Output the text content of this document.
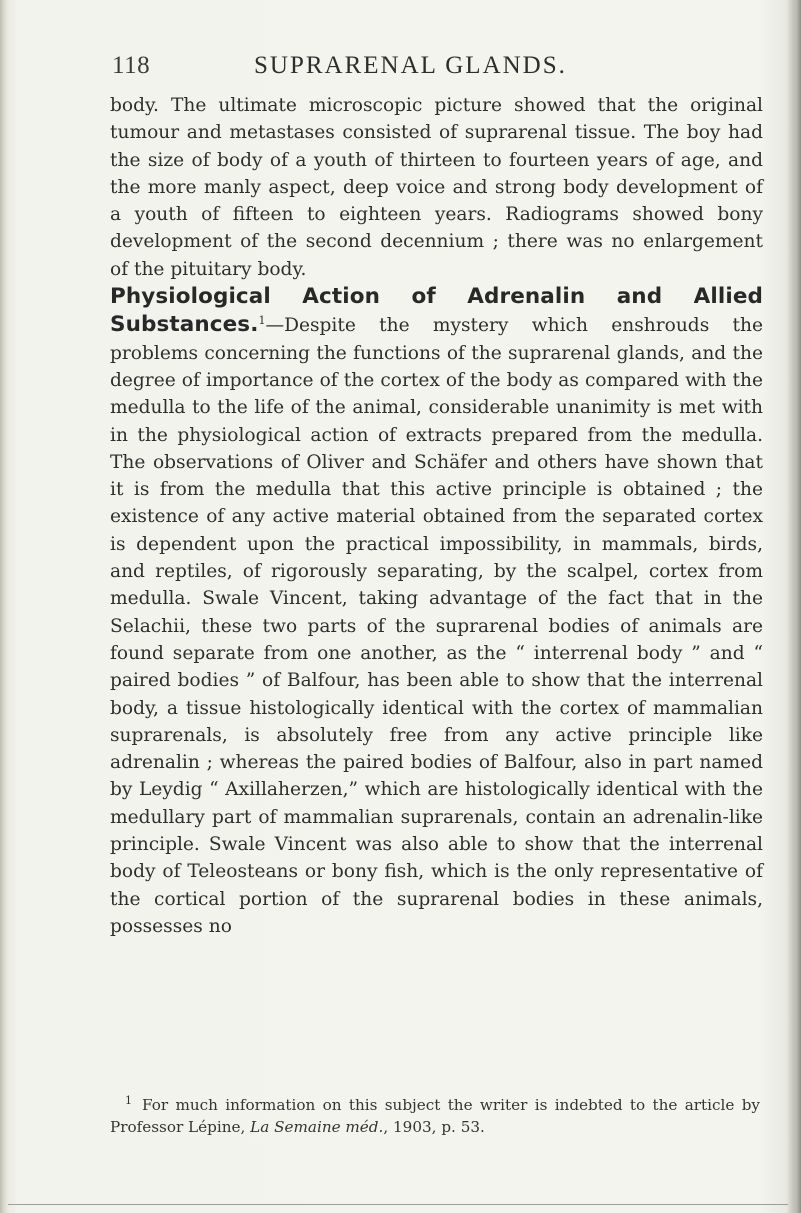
118	SUPRARENAL GLANDS.

body. The ultimate microscopic picture showed that the original tumour and metastases consisted of suprarenal tissue. The boy had the size of body of a youth of thirteen to fourteen years of age, and the more manly aspect, deep voice and strong body development of a youth of fifteen to eighteen years. Radiograms showed bony development of the second decennium ; there was no enlargement of the pituitary body.

Physiological Action of Adrenalin and Allied Substances.$^1$—Despite the mystery which enshrouds the problems concerning the functions of the suprarenal glands, and the degree of importance of the cortex of the body as compared with the medulla to the life of the animal, considerable unanimity is met with in the physiological action of extracts prepared from the medulla. The observations of Oliver and Schäfer and others have shown that it is from the medulla that this active principle is obtained ; the existence of any active material obtained from the separated cortex is dependent upon the practical impossibility, in mammals, birds, and reptiles, of rigorously separating, by the scalpel, cortex from medulla. Swale Vincent, taking advantage of the fact that in the Selachii, these two parts of the suprarenal bodies of animals are found separate from one another, as the “ interrenal body ” and “ paired bodies ” of Balfour, has been able to show that the interrenal body, a tissue histologically identical with the cortex of mammalian suprarenals, is absolutely free from any active principle like adrenalin ; whereas the paired bodies of Balfour, also in part named by Leydig “ Axillaherzen,” which are histologically identical with the medullary part of mammalian suprarenals, contain an adrenalin-like principle. Swale Vincent was also able to show that the interrenal body of Teleosteans or bony fish, which is the only representative of the cortical portion of the suprarenal bodies in these animals, possesses no

$^1$ For much information on this subject the writer is indebted to the article by Professor Lépine, La Semaine méd., 1903, p. 53.
